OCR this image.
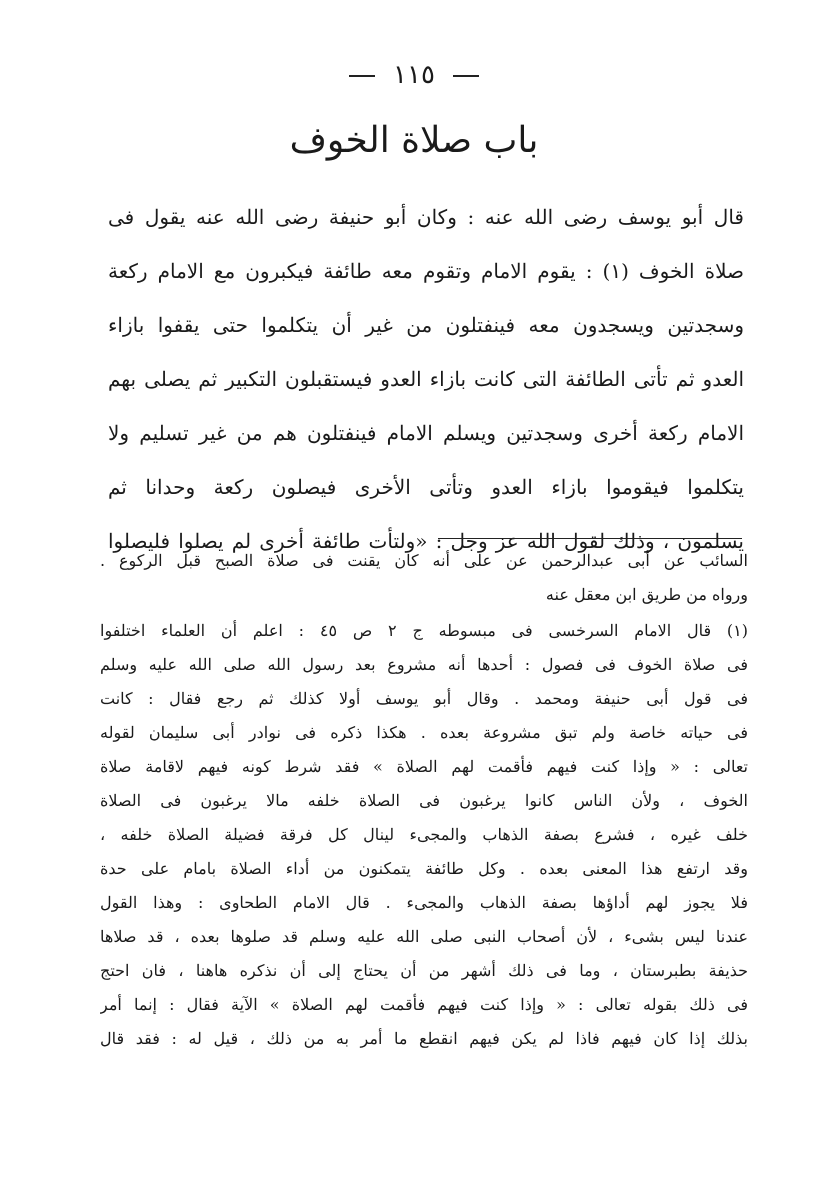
١١٥
باب صلاة الخوف
قال أبو يوسف رضى الله عنه : وكان أبو حنيفة رضى الله عنه يقول فى
صلاة الخوف (١) : يقوم الامام وتقوم معه طائفة فيكبرون مع الامام ركعة
وسجدتين ويسجدون معه فينفتلون من غير أن يتكلموا حتى يقفوا بازاء
العدو ثم تأتى الطائفة التى كانت بازاء العدو فيستقبلون التكبير ثم يصلى بهم
الامام ركعة أخرى وسجدتين ويسلم الامام فينفتلون هم من غير تسليم ولا
يتكلموا فيقوموا بازاء العدو وتأتى الأخرى فيصلون ركعة وحدانا ثم
يسلمون ، وذلك لقول الله عز وجل : «ولتأت طائفة أخرى لم يصلوا فليصلوا
السائب عن أبى عبدالرحمن عن على أنه كان يقنت فى صلاة الصبح قبل الركوع .
ورواه من طريق ابن معقل عنه
(١) قال الامام السرخسى فى مبسوطه ج ٢ ص ٤٥ : اعلم أن العلماء اختلفوا
فى صلاة الخوف فى فصول : أحدها أنه مشروع بعد رسول الله صلى الله عليه وسلم
فى قول أبى حنيفة ومحمد . وقال أبو يوسف أولا كذلك ثم رجع فقال : كانت
فى حياته خاصة ولم تبق مشروعة بعده . هكذا ذكره فى نوادر أبى سليمان لقوله
تعالى : « وإذا كنت فيهم فأقمت لهم الصلاة » فقد شرط كونه فيهم لاقامة صلاة
الخوف ، ولأن الناس كانوا يرغبون فى الصلاة خلفه مالا يرغبون فى الصلاة
خلف غيره ، فشرع بصفة الذهاب والمجىء لينال كل فرقة فضيلة الصلاة خلفه ،
وقد ارتفع هذا المعنى بعده . وكل طائفة يتمكنون من أداء الصلاة بامام على حدة
فلا يجوز لهم أداؤها بصفة الذهاب والمجىء . قال الامام الطحاوى : وهذا القول
عندنا ليس بشىء ، لأن أصحاب النبى صلى الله عليه وسلم قد صلوها بعده ، قد صلاها
حذيفة بطبرستان ، وما فى ذلك أشهر من أن يحتاج إلى أن نذكره هاهنا ، فان احتج
فى ذلك بقوله تعالى : « وإذا كنت فيهم فأقمت لهم الصلاة » الآية فقال : إنما أمر
بذلك إذا كان فيهم فاذا لم يكن فيهم انقطع ما أمر به من ذلك ، قيل له : فقد قال
